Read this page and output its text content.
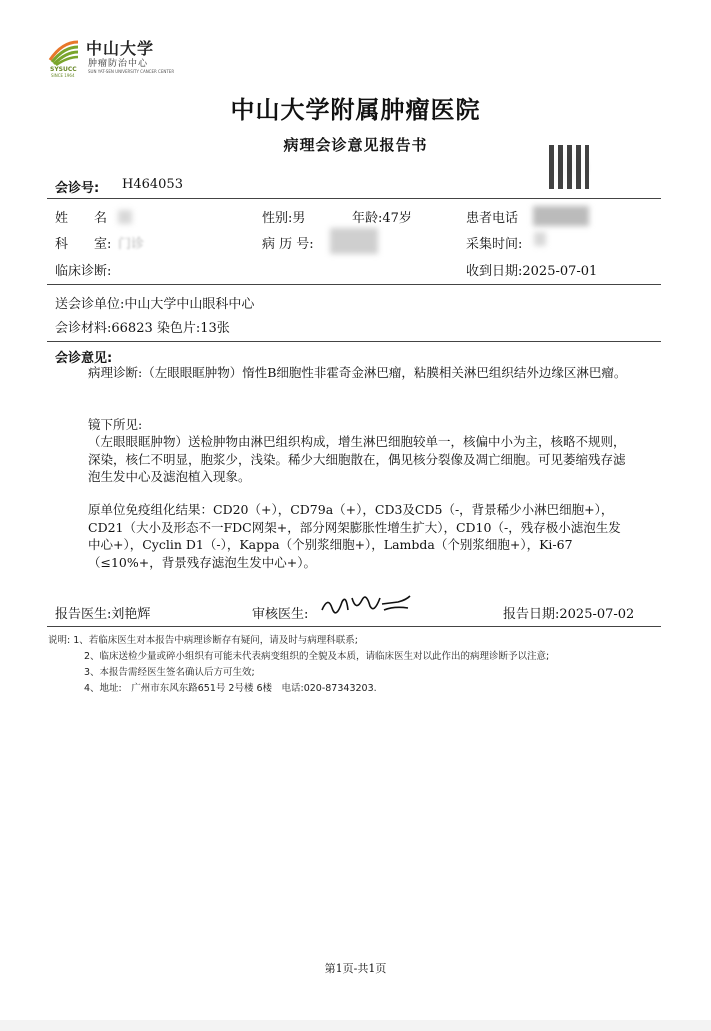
SYSUCC
SINCE 1964
中山大学
肿瘤防治中心
SUN YAT-SEN UNIVERSITY CANCER CENTER
中山大学附属肿瘤医院
病理会诊意见报告书
会诊号: H464053
姓　　名	性别:男	年龄:47岁	患者电话
科　　室: 门诊	病 历 号:	采集时间:
临床诊断:	收到日期:2025-07-01
送会诊单位:中山大学中山眼科中心
会诊材料:66823 染色片:13张
会诊意见:
病理诊断:（左眼眼眶肿物）惰性B细胞性非霍奇金淋巴瘤，粘膜相关淋巴组织结外边缘区淋巴瘤。
镜下所见:
（左眼眼眶肿物）送检肿物由淋巴组织构成，增生淋巴细胞较单一，核偏中小为主，核略不规则，深染，核仁不明显，胞浆少，浅染。稀少大细胞散在，偶见核分裂像及凋亡细胞。可见萎缩残存滤泡生发中心及滤泡植入现象。
原单位免疫组化结果：CD20（+），CD79a（+），CD3及CD5（-，背景稀少小淋巴细胞+），CD21（大小及形态不一FDC网架+，部分网架膨胀性增生扩大），CD10（-，残存极小滤泡生发中心+），Cyclin D1（-），Kappa（个别浆细胞+），Lambda（个别浆细胞+），Ki-67（≤10%+，背景残存滤泡生发中心+）。
报告医生:刘艳辉	审核医生:	报告日期:2025-07-02
说明: 1、若临床医生对本报告中病理诊断存有疑问，请及时与病理科联系;
2、临床送检少量或碎小组织有可能未代表病变组织的全貌及本质，请临床医生对以此作出的病理诊断予以注意;
3、本报告需经医生签名确认后方可生效;
4、地址:　广州市东风东路651号 2号楼 6楼　电话:020-87343203.
第1页-共1页
